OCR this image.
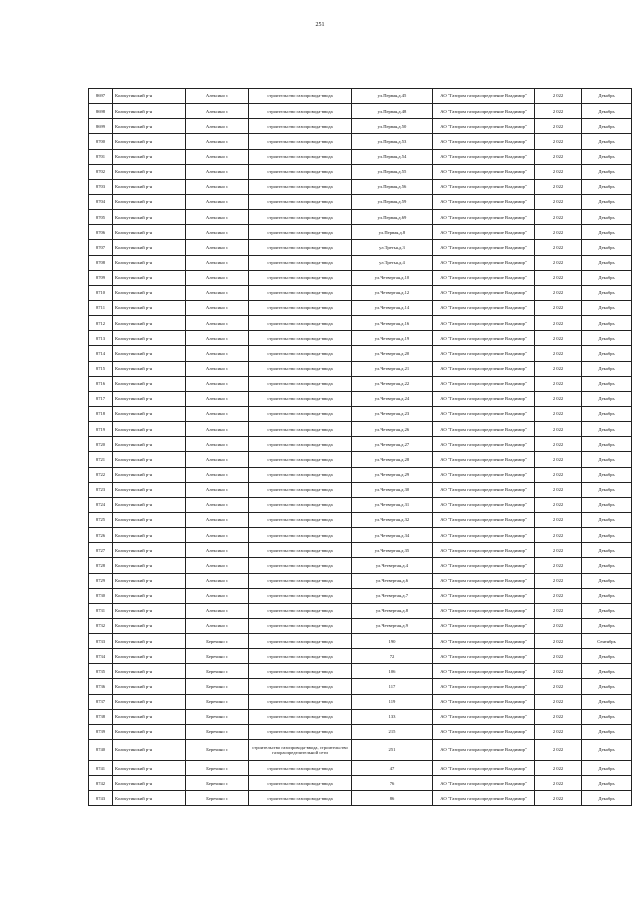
251
8697	Кольчугинский р-н	Алексино с	строительство газопровода-ввода	ул.Первая,д.45	АО "Газпром газораспределение Владимир"	2 022	Декабрь
8698	Кольчугинский р-н	Алексино с	строительство газопровода-ввода	ул.Первая,д.48	АО "Газпром газораспределение Владимир"	2 022	Декабрь
8699	Кольчугинский р-н	Алексино с	строительство газопровода-ввода	ул.Первая,д.50	АО "Газпром газораспределение Владимир"	2 022	Декабрь
8700	Кольчугинский р-н	Алексино с	строительство газопровода-ввода	ул.Первая,д.53	АО "Газпром газораспределение Владимир"	2 022	Декабрь
8701	Кольчугинский р-н	Алексино с	строительство газопровода-ввода	ул.Первая,д.54	АО "Газпром газораспределение Владимир"	2 022	Декабрь
8702	Кольчугинский р-н	Алексино с	строительство газопровода-ввода	ул.Первая,д.55	АО "Газпром газораспределение Владимир"	2 022	Декабрь
8703	Кольчугинский р-н	Алексино с	строительство газопровода-ввода	ул.Первая,д.56	АО "Газпром газораспределение Владимир"	2 022	Декабрь
8704	Кольчугинский р-н	Алексино с	строительство газопровода-ввода	ул.Первая,д.59	АО "Газпром газораспределение Владимир"	2 022	Декабрь
8705	Кольчугинский р-н	Алексино с	строительство газопровода-ввода	ул.Первая,д.69	АО "Газпром газораспределение Владимир"	2 022	Декабрь
8706	Кольчугинский р-н	Алексино с	строительство газопровода-ввода	ул.Первая,д.8	АО "Газпром газораспределение Владимир"	2 022	Декабрь
8707	Кольчугинский р-н	Алексино с	строительство газопровода-ввода	ул.Третья,д.3	АО "Газпром газораспределение Владимир"	2 022	Декабрь
8708	Кольчугинский р-н	Алексино с	строительство газопровода-ввода	ул.Третья,д.4	АО "Газпром газораспределение Владимир"	2 022	Декабрь
8709	Кольчугинский р-н	Алексино с	строительство газопровода-ввода	ул.Четвертая,д.10	АО "Газпром газораспределение Владимир"	2 022	Декабрь
8710	Кольчугинский р-н	Алексино с	строительство газопровода-ввода	ул.Четвертая,д.12	АО "Газпром газораспределение Владимир"	2 022	Декабрь
8711	Кольчугинский р-н	Алексино с	строительство газопровода-ввода	ул.Четвертая,д.14	АО "Газпром газораспределение Владимир"	2 022	Декабрь
8712	Кольчугинский р-н	Алексино с	строительство газопровода-ввода	ул.Четвертая,д.16	АО "Газпром газораспределение Владимир"	2 022	Декабрь
8713	Кольчугинский р-н	Алексино с	строительство газопровода-ввода	ул.Четвертая,д.19	АО "Газпром газораспределение Владимир"	2 022	Декабрь
8714	Кольчугинский р-н	Алексино с	строительство газопровода-ввода	ул.Четвертая,д.20	АО "Газпром газораспределение Владимир"	2 022	Декабрь
8715	Кольчугинский р-н	Алексино с	строительство газопровода-ввода	ул.Четвертая,д.21	АО "Газпром газораспределение Владимир"	2 022	Декабрь
8716	Кольчугинский р-н	Алексино с	строительство газопровода-ввода	ул.Четвертая,д.22	АО "Газпром газораспределение Владимир"	2 022	Декабрь
8717	Кольчугинский р-н	Алексино с	строительство газопровода-ввода	ул.Четвертая,д.24	АО "Газпром газораспределение Владимир"	2 022	Декабрь
8718	Кольчугинский р-н	Алексино с	строительство газопровода-ввода	ул.Четвертая,д.23	АО "Газпром газораспределение Владимир"	2 022	Декабрь
8719	Кольчугинский р-н	Алексино с	строительство газопровода-ввода	ул.Четвертая,д.26	АО "Газпром газораспределение Владимир"	2 022	Декабрь
8720	Кольчугинский р-н	Алексино с	строительство газопровода-ввода	ул.Четвертая,д.27	АО "Газпром газораспределение Владимир"	2 022	Декабрь
8721	Кольчугинский р-н	Алексино с	строительство газопровода-ввода	ул.Четвертая,д.28	АО "Газпром газораспределение Владимир"	2 022	Декабрь
8722	Кольчугинский р-н	Алексино с	строительство газопровода-ввода	ул.Четвертая,д.29	АО "Газпром газораспределение Владимир"	2 022	Декабрь
8723	Кольчугинский р-н	Алексино с	строительство газопровода-ввода	ул.Четвертая,д.30	АО "Газпром газораспределение Владимир"	2 022	Декабрь
8724	Кольчугинский р-н	Алексино с	строительство газопровода-ввода	ул.Четвертая,д.31	АО "Газпром газораспределение Владимир"	2 022	Декабрь
8725	Кольчугинский р-н	Алексино с	строительство газопровода-ввода	ул.Четвертая,д.32	АО "Газпром газораспределение Владимир"	2 022	Декабрь
8726	Кольчугинский р-н	Алексино с	строительство газопровода-ввода	ул.Четвертая,д.34	АО "Газпром газораспределение Владимир"	2 022	Декабрь
8727	Кольчугинский р-н	Алексино с	строительство газопровода-ввода	ул.Четвертая,д.35	АО "Газпром газораспределение Владимир"	2 022	Декабрь
8728	Кольчугинский р-н	Алексино с	строительство газопровода-ввода	ул.Четвертая,д.4	АО "Газпром газораспределение Владимир"	2 022	Декабрь
8729	Кольчугинский р-н	Алексино с	строительство газопровода-ввода	ул.Четвертая,д.6	АО "Газпром газораспределение Владимир"	2 022	Декабрь
8730	Кольчугинский р-н	Алексино с	строительство газопровода-ввода	ул.Четвертая,д.7	АО "Газпром газораспределение Владимир"	2 022	Декабрь
8731	Кольчугинский р-н	Алексино с	строительство газопровода-ввода	ул.Четвертая,д.8	АО "Газпром газораспределение Владимир"	2 022	Декабрь
8732	Кольчугинский р-н	Алексино с	строительство газопровода-ввода	ул.Четвертая,д.9	АО "Газпром газораспределение Владимир"	2 022	Декабрь
8733	Кольчугинский р-н	Беречино с	строительство газопровода-ввода	190	АО "Газпром газораспределение Владимир"	2 022	Сентябрь
8734	Кольчугинский р-н	Беречино с	строительство газопровода-ввода	72	АО "Газпром газораспределение Владимир"	2 022	Декабрь
8735	Кольчугинский р-н	Беречино с	строительство газопровода-ввода	106	АО "Газпром газораспределение Владимир"	2 022	Декабрь
8736	Кольчугинский р-н	Беречино с	строительство газопровода-ввода	117	АО "Газпром газораспределение Владимир"	2 022	Декабрь
8737	Кольчугинский р-н	Беречино с	строительство газопровода-ввода	119	АО "Газпром газораспределение Владимир"	2 022	Декабрь
8738	Кольчугинский р-н	Беречино с	строительство газопровода-ввода	133	АО "Газпром газораспределение Владимир"	2 022	Декабрь
8739	Кольчугинский р-н	Беречино с	строительство газопровода-ввода	215	АО "Газпром газораспределение Владимир"	2 022	Декабрь
8740	Кольчугинский р-н	Беречино с	строительство газопровода-ввода, строительство газораспределительной сети	251	АО "Газпром газораспределение Владимир"	2 022	Декабрь
8741	Кольчугинский р-н	Беречино с	строительство газопровода-ввода	47	АО "Газпром газораспределение Владимир"	2 022	Декабрь
8742	Кольчугинский р-н	Беречино с	строительство газопровода-ввода	76	АО "Газпром газораспределение Владимир"	2 022	Декабрь
8743	Кольчугинский р-н	Беречино с	строительство газопровода-ввода	86	АО "Газпром газораспределение Владимир"	2 022	Декабрь
